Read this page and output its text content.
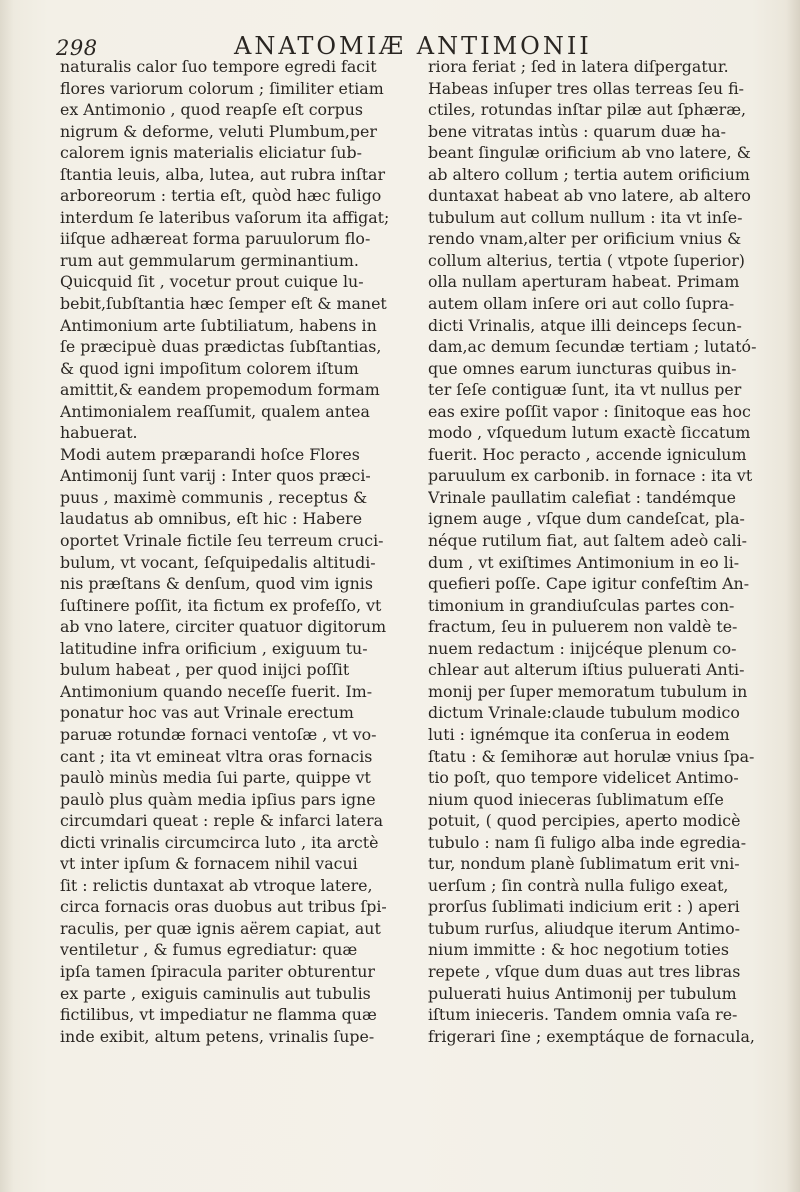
298	ANATOMIÆ ANTIMONII
naturalis calor ſuo tempore egredi facit
flores variorum colorum ; ſimiliter etiam
ex Antimonio , quod reapſe eſt corpus
nigrum & deforme, veluti Plumbum,per
calorem ignis materialis eliciatur ſub-
ſtantia leuis, alba, lutea, aut rubra inſtar
arboreorum : tertia eſt, quòd hæc fuligo
interdum ſe lateribus vaſorum ita affigat;
iiſque adhæreat forma paruulorum flo-
rum aut gemmularum germinantium.
Quicquid ſit , vocetur prout cuique lu-
bebit,ſubſtantia hæc ſemper eſt & manet
Antimonium arte ſubtiliatum, habens in
ſe præcipuè duas prædictas ſubſtantias,
& quod igni impoſitum colorem iſtum
amittit,& eandem propemodum formam
Antimonialem reaſſumit, qualem antea
habuerat.
Modi autem præparandi hoſce Flores
Antimonij ſunt varij : Inter quos præci-
puus , maximè communis , receptus &
laudatus ab omnibus, eſt hic : Habere
oportet Vrinale fictile ſeu terreum cruci-
bulum, vt vocant, ſeſquipedalis altitudi-
nis præſtans & denſum, quod vim ignis
ſuſtinere poſſit, ita fictum ex profeſſo, vt
ab vno latere, circiter quatuor digitorum
latitudine infra orificium , exiguum tu-
bulum habeat , per quod inijci poſſit
Antimonium quando neceſſe fuerit. Im-
ponatur hoc vas aut Vrinale erectum
paruæ rotundæ fornaci ventoſæ , vt vo-
cant ; ita vt emineat vltra oras fornacis
paulò minùs media ſui parte, quippe vt
paulò plus quàm media ipſius pars igne
circumdari queat : reple & infarci latera
dicti vrinalis circumcirca luto , ita arctè
vt inter ipſum & fornacem nihil vacui
ſit : relictis duntaxat ab vtroque latere,
circa fornacis oras duobus aut tribus ſpi-
raculis, per quæ ignis aërem capiat, aut
ventiletur , & fumus egrediatur: quæ
ipſa tamen ſpiracula pariter obturentur
ex parte , exiguis caminulis aut tubulis
fictilibus, vt impediatur ne flamma quæ
inde exibit, altum petens, vrinalis ſupe-
riora feriat ; ſed in latera diſpergatur.
Habeas inſuper tres ollas terreas ſeu fi-
ctiles, rotundas inſtar pilæ aut ſphæræ,
bene vitratas intùs : quarum duæ ha-
beant ſingulæ orificium ab vno latere, &
ab altero collum ; tertia autem orificium
duntaxat habeat ab vno latere, ab altero
tubulum aut collum nullum : ita vt inſe-
rendo vnam,alter per orificium vnius &
collum alterius, tertia ( vtpote ſuperior)
olla nullam aperturam habeat. Primam
autem ollam inſere ori aut collo ſupra-
dicti Vrinalis, atque illi deinceps ſecun-
dam,ac demum ſecundæ tertiam ; lutató-
que omnes earum iuncturas quibus in-
ter ſeſe contiguæ ſunt, ita vt nullus per
eas exire poſſit vapor : ſinitoque eas hoc
modo , vſquedum lutum exactè ſiccatum
fuerit. Hoc peracto , accende igniculum
paruulum ex carbonib. in fornace : ita vt
Vrinale paullatim calefiat : tandémque
ignem auge , vſque dum candeſcat, pla-
néque rutilum fiat, aut ſaltem adeò cali-
dum , vt exiſtimes Antimonium in eo li-
quefieri poſſe. Cape igitur confeſtim An-
timonium in grandiuſculas partes con-
fractum, ſeu in puluerem non valdè te-
nuem redactum : inijcéque plenum co-
chlear aut alterum iſtius puluerati Anti-
monij per ſuper memoratum tubulum in
dictum Vrinale:claude tubulum modico
luti : ignémque ita conſerua in eodem
ſtatu : & ſemihoræ aut horulæ vnius ſpa-
tio poſt, quo tempore videlicet Antimo-
nium quod inieceras ſublimatum eſſe
potuit, ( quod percipies, aperto modicè
tubulo : nam ſi fuligo alba inde egredia-
tur, nondum planè ſublimatum erit vni-
uerſum ; ſin contrà nulla fuligo exeat,
prorſus ſublimati indicium erit : ) aperi
tubum rurſus, aliudque iterum Antimo-
nium immitte : & hoc negotium toties
repete , vſque dum duas aut tres libras
puluerati huius Antimonij per tubulum
iſtum inieceris. Tandem omnia vaſa re-
frigerari ſine ; exemptáque de fornacula,
